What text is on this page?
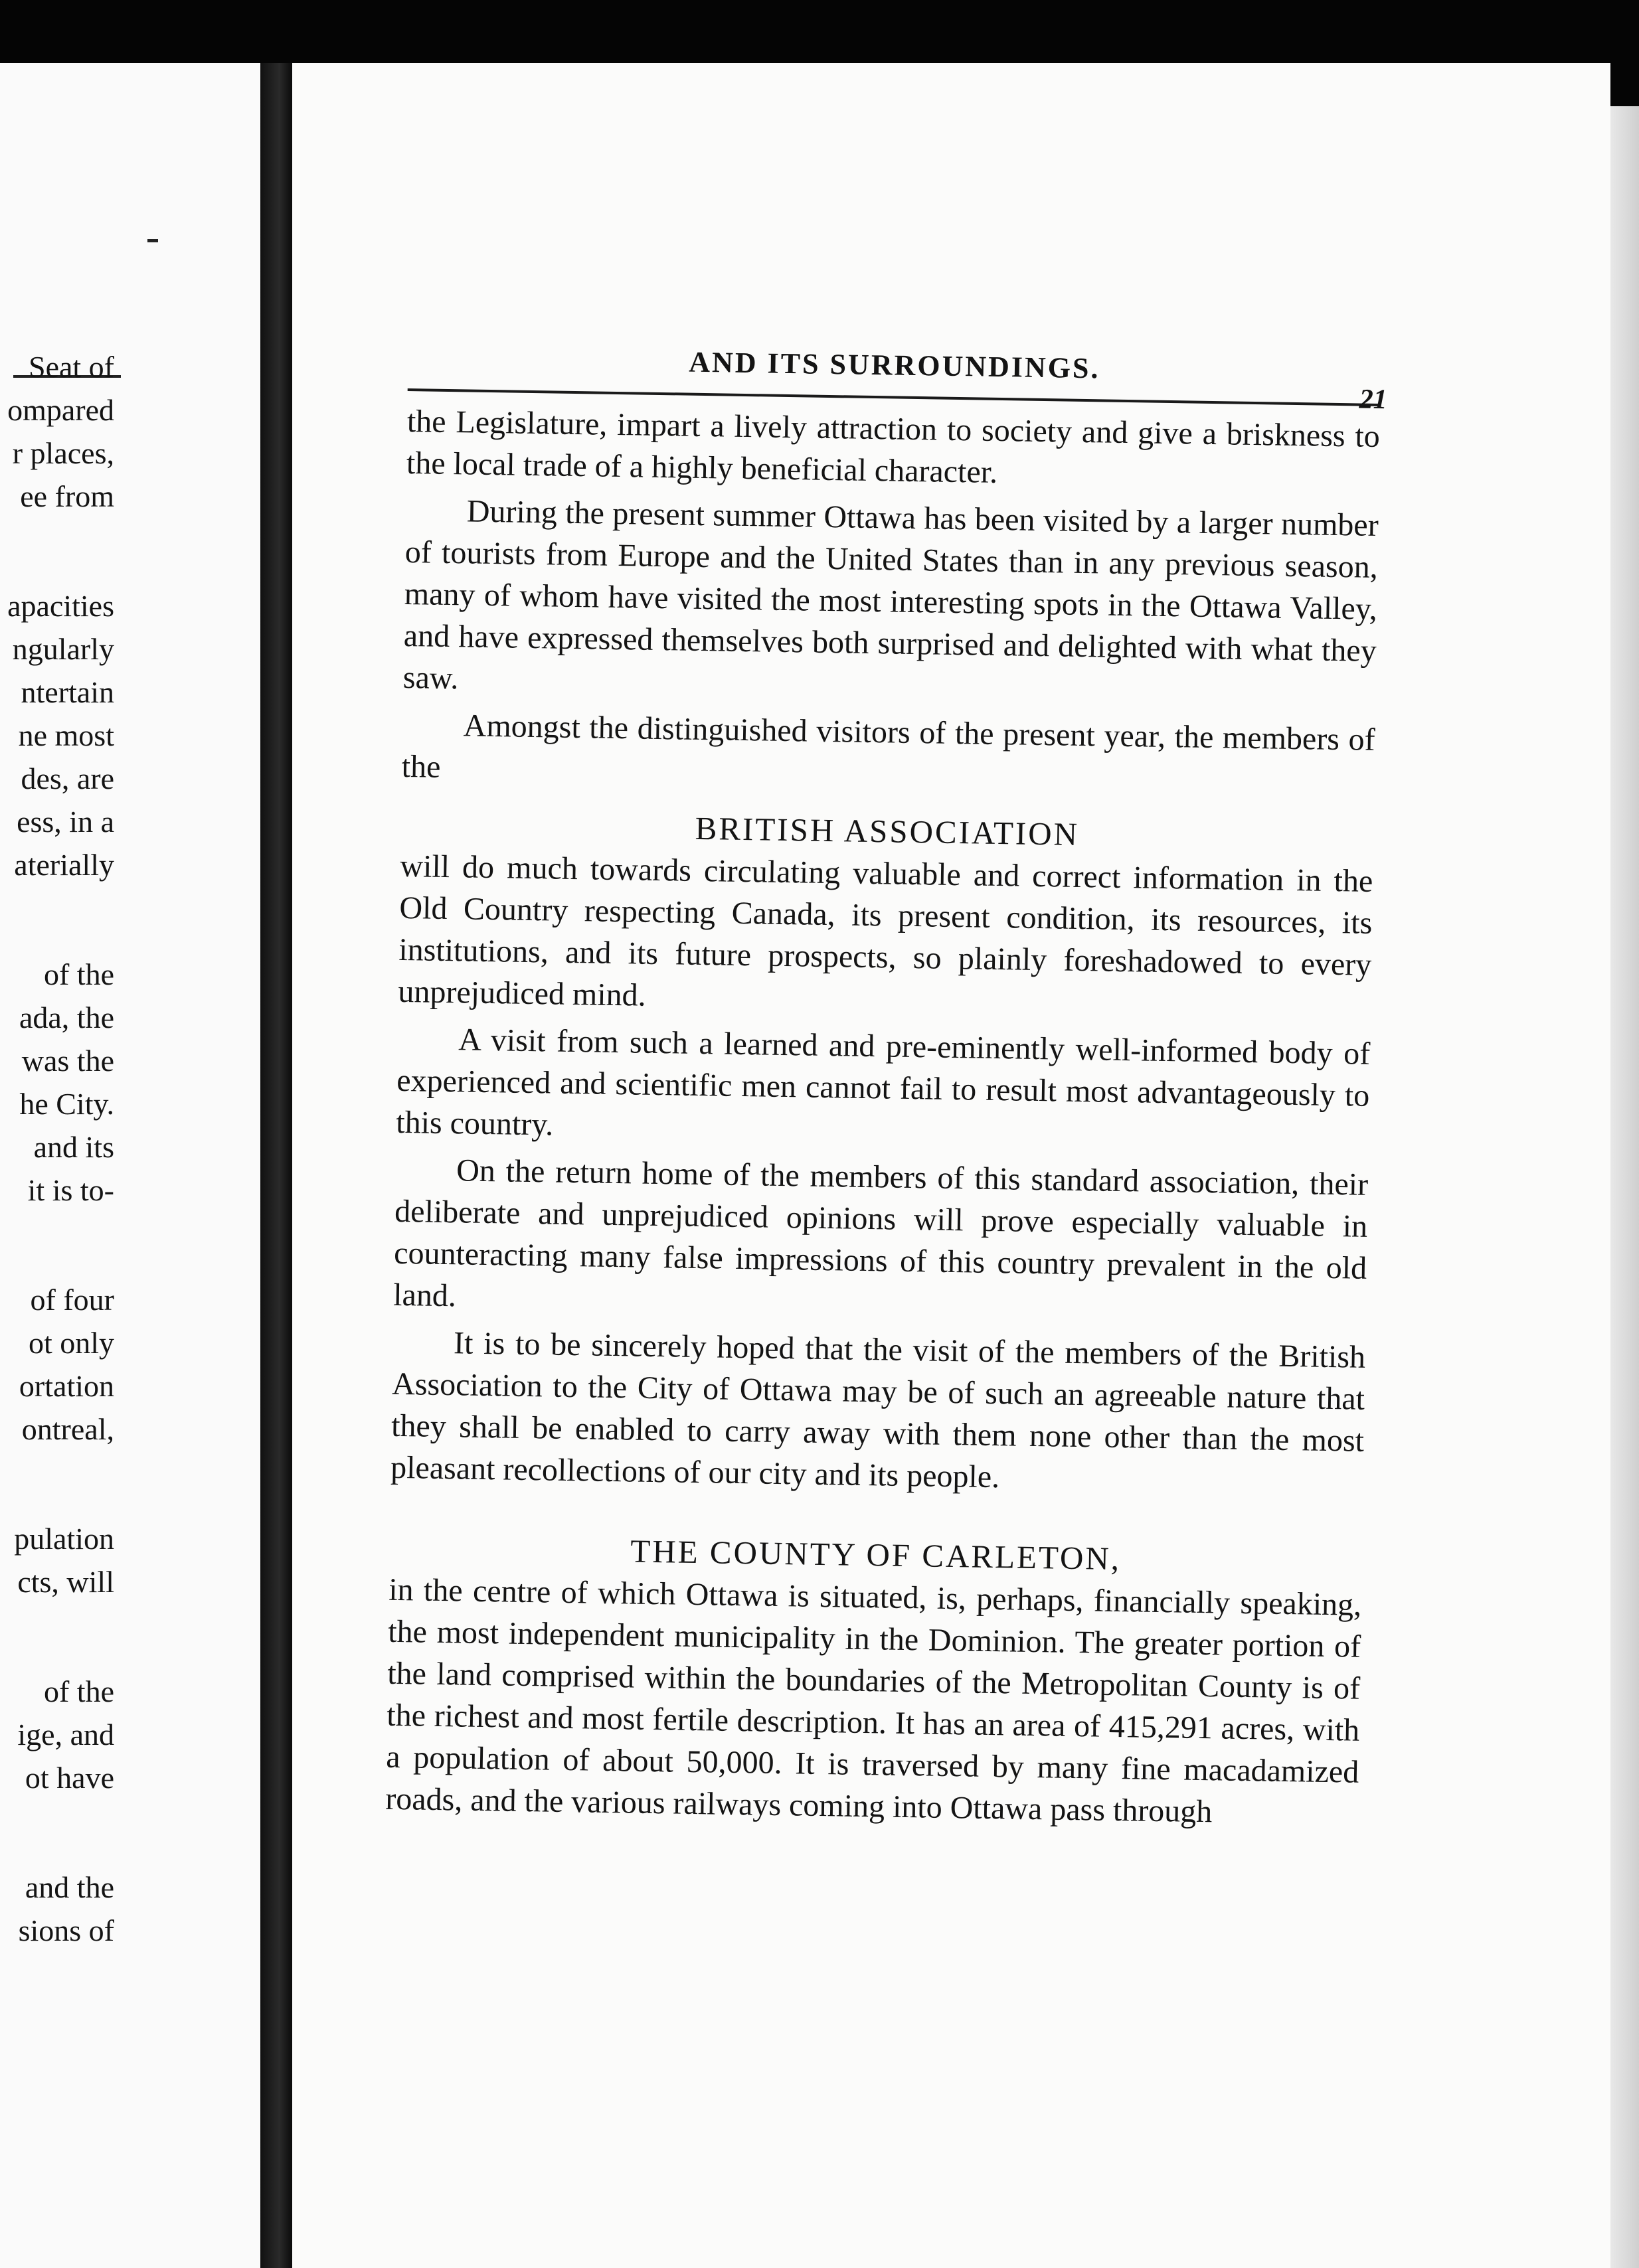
Seat of
ompared
r places,
ee from
apacities
ngularly
ntertain
ne most
des, are
ess, in a
aterially
of the
ada, the
was the
he City.
and its
it is to-
of four
ot only
ortation
ontreal,
pulation
cts, will
of the
ige, and
ot have
and the
sions of
AND ITS SURROUNDINGS.
21

the Legislature, impart a lively attraction to society and give a briskness to the local trade of a highly beneficial character.

During the present summer Ottawa has been visited by a larger number of tourists from Europe and the United States than in any previous season, many of whom have visited the most interesting spots in the Ottawa Valley, and have expressed themselves both surprised and delighted with what they saw.

Amongst the distinguished visitors of the present year, the members of the

BRITISH ASSOCIATION

will do much towards circulating valuable and correct information in the Old Country respecting Canada, its present condition, its resources, its institutions, and its future prospects, so plainly foreshadowed to every unprejudiced mind.

A visit from such a learned and pre-eminently well-informed body of experienced and scientific men cannot fail to result most advantageously to this country.

On the return home of the members of this standard association, their deliberate and unprejudiced opinions will prove especially valuable in counteracting many false impressions of this country prevalent in the old land.

It is to be sincerely hoped that the visit of the members of the British Association to the City of Ottawa may be of such an agreeable nature that they shall be enabled to carry away with them none other than the most pleasant recollections of our city and its people.

THE COUNTY OF CARLETON,

in the centre of which Ottawa is situated, is, perhaps, financially speaking, the most independent municipality in the Dominion. The greater portion of the land comprised within the boundaries of the Metropolitan County is of the richest and most fertile description. It has an area of 415,291 acres, with a population of about 50,000. It is traversed by many fine macadamized roads, and the various railways coming into Ottawa pass through
